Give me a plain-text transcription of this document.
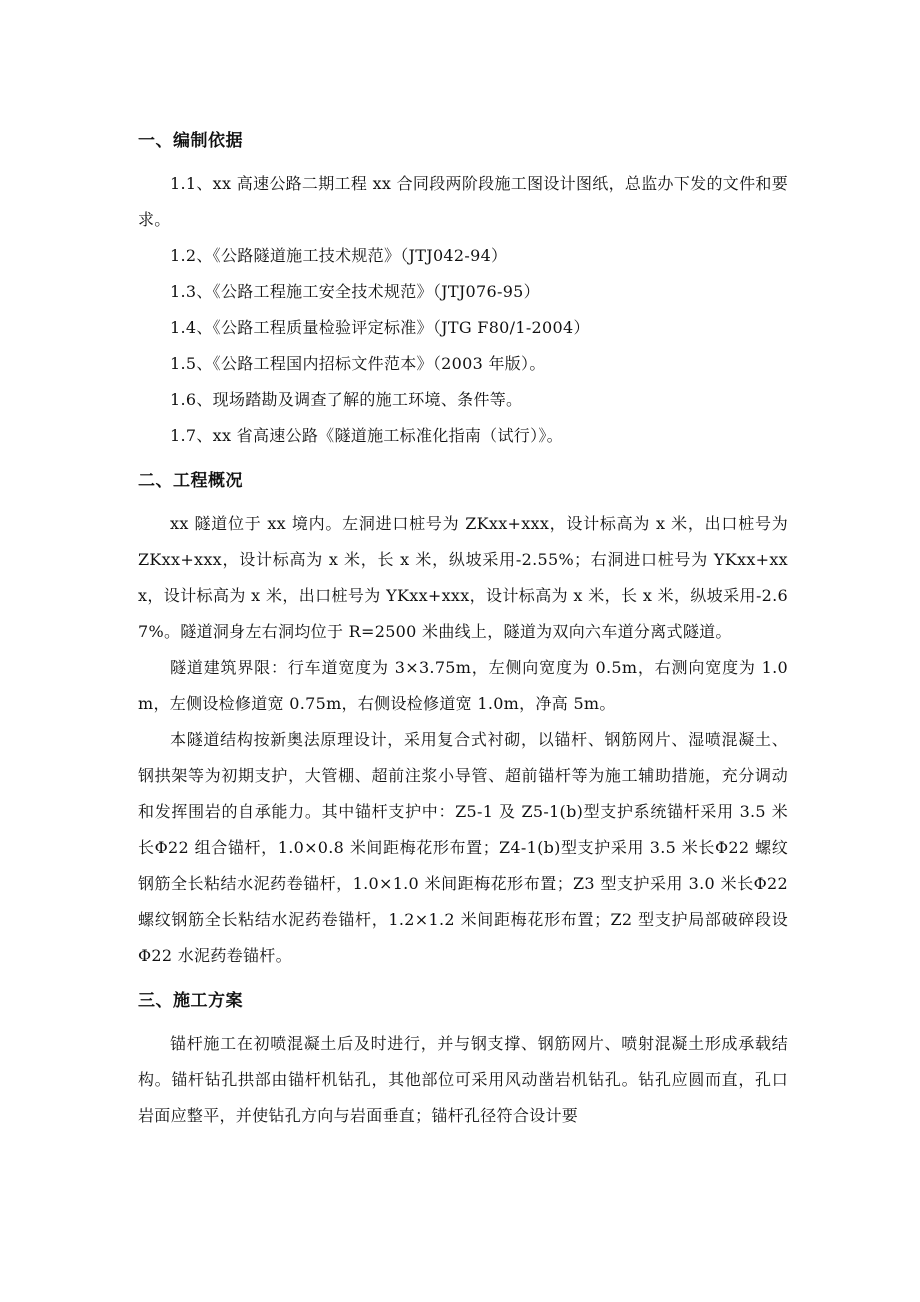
一、编制依据

1.1、xx 高速公路二期工程 xx 合同段两阶段施工图设计图纸，总监办下发的文件和要求。

1.2、《公路隧道施工技术规范》（JTJ042-94）

1.3、《公路工程施工安全技术规范》（JTJ076-95）

1.4、《公路工程质量检验评定标准》（JTG F80/1-2004）

1.5、《公路工程国内招标文件范本》（2003 年版）。

1.6、现场踏勘及调查了解的施工环境、条件等。

1.7、xx 省高速公路《隧道施工标准化指南（试行）》。

二、工程概况

xx 隧道位于 xx 境内。左洞进口桩号为 ZKxx+xxx，设计标高为 x 米，出口桩号为 ZKxx+xxx，设计标高为 x 米，长 x 米，纵坡采用-2.55%；右洞进口桩号为 YKxx+xxx，设计标高为 x 米，出口桩号为 YKxx+xxx，设计标高为 x 米，长 x 米，纵坡采用-2.67%。隧道洞身左右洞均位于 R=2500 米曲线上，隧道为双向六车道分离式隧道。

隧道建筑界限：行车道宽度为 3×3.75m，左侧向宽度为 0.5m，右测向宽度为 1.0m，左侧设检修道宽 0.75m，右侧设检修道宽 1.0m，净高 5m。

本隧道结构按新奥法原理设计，采用复合式衬砌，以锚杆、钢筋网片、湿喷混凝土、钢拱架等为初期支护，大管棚、超前注浆小导管、超前锚杆等为施工辅助措施，充分调动和发挥围岩的自承能力。其中锚杆支护中：Z5-1 及 Z5-1(b)型支护系统锚杆采用 3.5 米长Φ22 组合锚杆，1.0×0.8 米间距梅花形布置；Z4-1(b)型支护采用 3.5 米长Φ22 螺纹钢筋全长粘结水泥药卷锚杆，1.0×1.0 米间距梅花形布置；Z3 型支护采用 3.0 米长Φ22 螺纹钢筋全长粘结水泥药卷锚杆，1.2×1.2 米间距梅花形布置；Z2 型支护局部破碎段设Φ22 水泥药卷锚杆。

三、施工方案

锚杆施工在初喷混凝土后及时进行，并与钢支撑、钢筋网片、喷射混凝土形成承载结构。锚杆钻孔拱部由锚杆机钻孔，其他部位可采用风动凿岩机钻孔。钻孔应圆而直，孔口岩面应整平，并使钻孔方向与岩面垂直；锚杆孔径符合设计要
